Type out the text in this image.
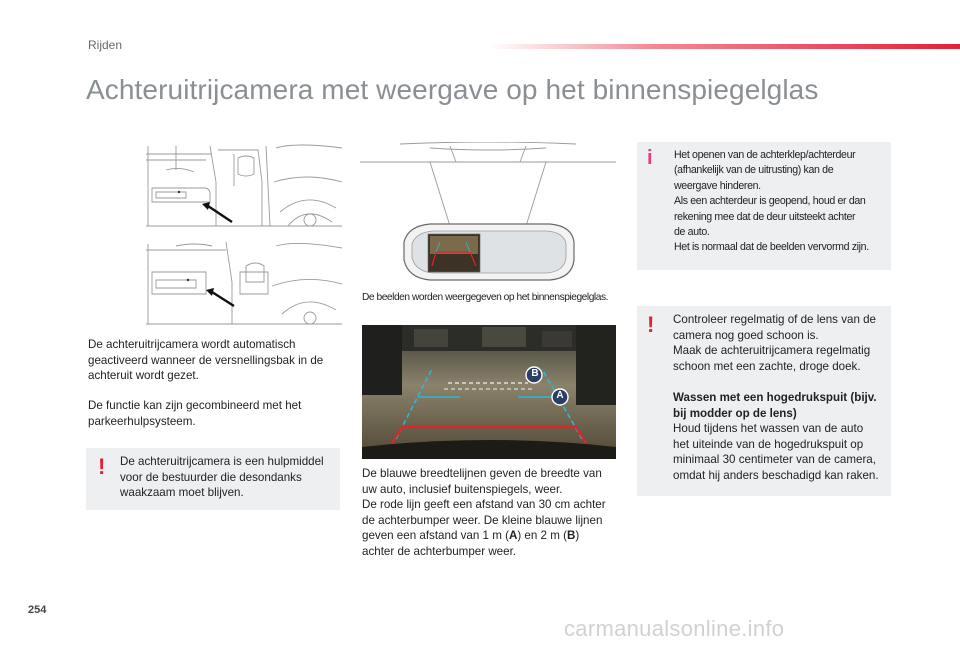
Rijden
Achteruitrijcamera met weergave op het binnenspiegelglas
De achteruitrijcamera wordt automatisch
geactiveerd wanneer de versnellingsbak in de
achteruit wordt gezet.
De functie kan zijn gecombineerd met het
parkeerhulpsysteem.
! De achteruitrijcamera is een hulpmiddel
voor de bestuurder die desondanks
waakzaam moet blijven.
De beelden worden weergegeven op het binnenspiegelglas.
B
A
De blauwe breedtelijnen geven de breedte van
uw auto, inclusief buitenspiegels, weer.
De rode lijn geeft een afstand van 30 cm achter
de achterbumper weer. De kleine blauwe lijnen
geven een afstand van 1 m (A) en 2 m (B)
achter de achterbumper weer.
i Het openen van de achterklep/achterdeur
(afhankelijk van de uitrusting) kan de
weergave hinderen.
Als een achterdeur is geopend, houd er dan
rekening mee dat de deur uitsteekt achter
de auto.
Het is normaal dat de beelden vervormd zijn.
! Controleer regelmatig of de lens van de
camera nog goed schoon is.
Maak de achteruitrijcamera regelmatig
schoon met een zachte, droge doek.
Wassen met een hogedrukspuit (bijv.
bij modder op de lens)
Houd tijdens het wassen van de auto
het uiteinde van de hogedrukspuit op
minimaal 30 centimeter van de camera,
omdat hij anders beschadigd kan raken.
254
carmanualsonline.info
